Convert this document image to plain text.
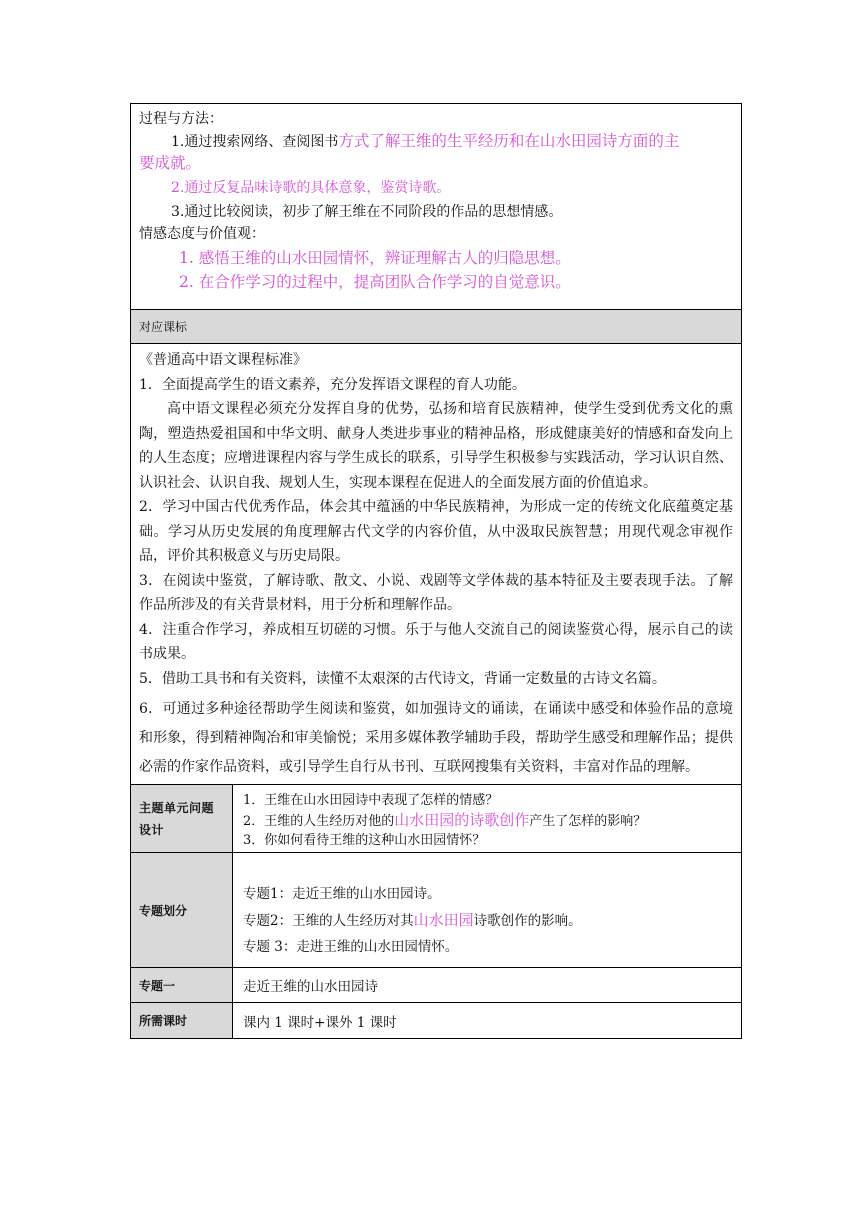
过程与方法：
1.通过搜索网络、查阅图书方式了解王维的生平经历和在山水田园诗方面的主
要成就。
2.通过反复品味诗歌的具体意象，鉴赏诗歌。
3.通过比较阅读，初步了解王维在不同阶段的作品的思想情感。
情感态度与价值观：
1. 感悟王维的山水田园情怀，辨证理解古人的归隐思想。
2. 在合作学习的过程中，提高团队合作学习的自觉意识。
对应课标

《普通高中语文课程标准》

1．全面提高学生的语文素养，充分发挥语文课程的育人功能。

高中语文课程必须充分发挥自身的优势，弘扬和培育民族精神，使学生受到优秀文化的熏陶，塑造热爱祖国和中华文明、献身人类进步事业的精神品格，形成健康美好的情感和奋发向上的人生态度；应增进课程内容与学生成长的联系，引导学生积极参与实践活动，学习认识自然、认识社会、认识自我、规划人生，实现本课程在促进人的全面发展方面的价值追求。

2．学习中国古代优秀作品，体会其中蕴涵的中华民族精神，为形成一定的传统文化底蕴奠定基础。学习从历史发展的角度理解古代文学的内容价值，从中汲取民族智慧；用现代观念审视作品，评价其积极意义与历史局限。

3．在阅读中鉴赏，了解诗歌、散文、小说、戏剧等文学体裁的基本特征及主要表现手法。了解作品所涉及的有关背景材料，用于分析和理解作品。

4．注重合作学习，养成相互切磋的习惯。乐于与他人交流自己的阅读鉴赏心得，展示自己的读书成果。

5．借助工具书和有关资料，读懂不太艰深的古代诗文，背诵一定数量的古诗文名篇。

6．可通过多种途径帮助学生阅读和鉴赏，如加强诗文的诵读，在诵读中感受和体验作品的意境和形象，得到精神陶冶和审美愉悦；采用多媒体教学辅助手段，帮助学生感受和理解作品；提供必需的作家作品资料，或引导学生自行从书刊、互联网搜集有关资料，丰富对作品的理解。

主题单元问题设计
1．王维在山水田园诗中表现了怎样的情感？
2．王维的人生经历对他的山水田园的诗歌创作产生了怎样的影响？
3．你如何看待王维的这种山水田园情怀？
专题划分
专题1：走近王维的山水田园诗。
专题2：王维的人生经历对其山水田园诗歌创作的影响。
专题 3：走进王维的山水田园情怀。
专题一	走近王维的山水田园诗
所需课时	课内 1 课时+课外 1 课时
